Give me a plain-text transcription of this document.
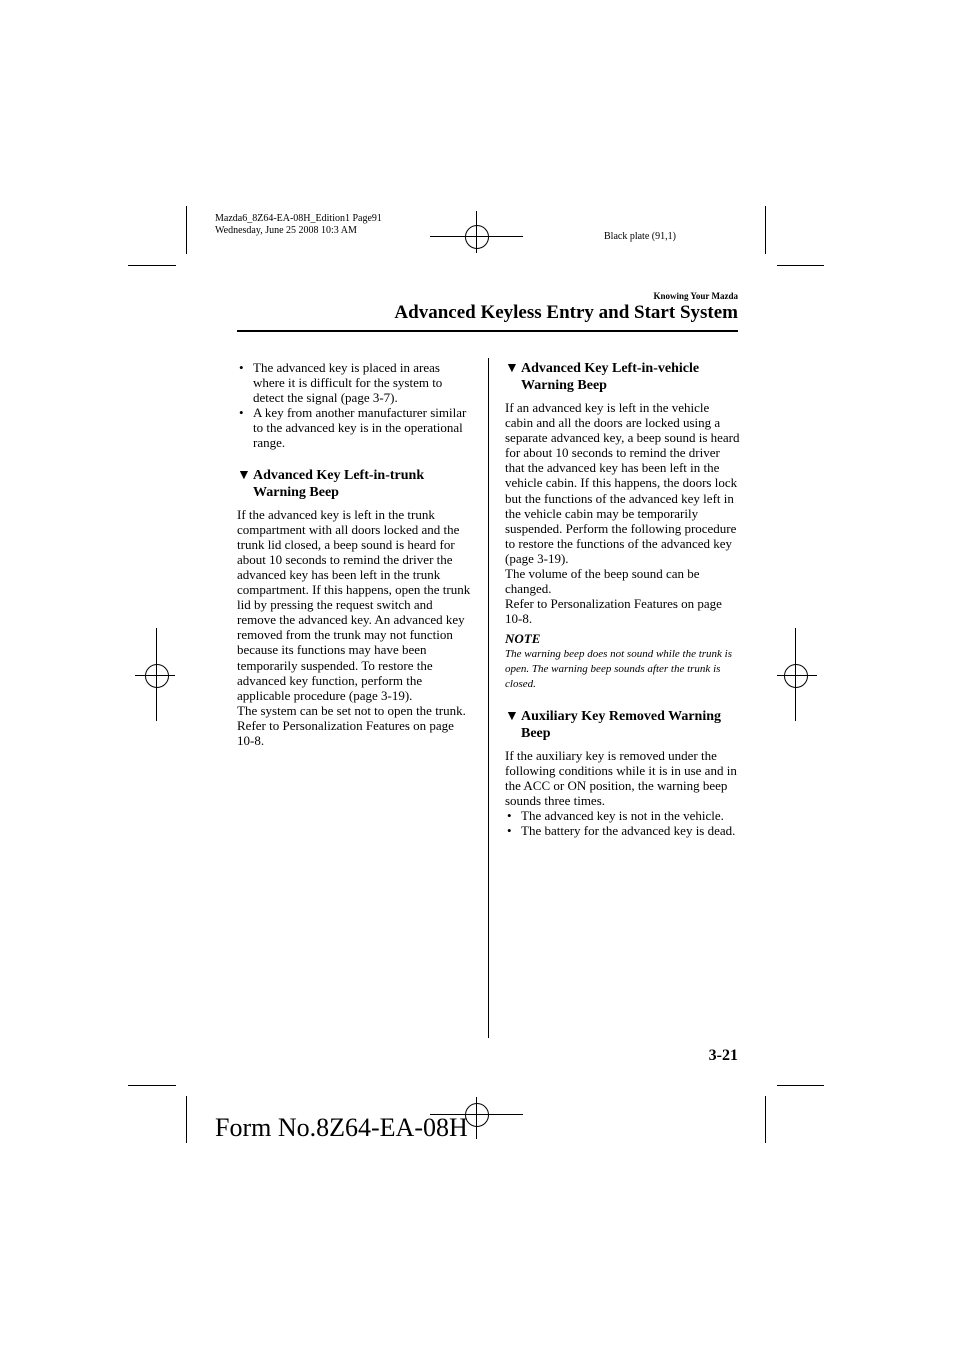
Mazda6_8Z64-EA-08H_Edition1 Page91
Wednesday, June 25 2008 10:3 AM
Black plate (91,1)
Knowing Your Mazda
Advanced Keyless Entry and Start System
• The advanced key is placed in areas where it is difficult for the system to detect the signal (page 3-7).
• A key from another manufacturer similar to the advanced key is in the operational range.
▼ Advanced Key Left-in-trunk Warning Beep

If the advanced key is left in the trunk compartment with all doors locked and the trunk lid closed, a beep sound is heard for about 10 seconds to remind the driver the advanced key has been left in the trunk compartment. If this happens, open the trunk lid by pressing the request switch and remove the advanced key. An advanced key removed from the trunk may not function because its functions may have been temporarily suspended. To restore the advanced key function, perform the applicable procedure (page 3-19).

The system can be set not to open the trunk.

Refer to Personalization Features on page 10-8.

▼ Advanced Key Left-in-vehicle Warning Beep

If an advanced key is left in the vehicle cabin and all the doors are locked using a separate advanced key, a beep sound is heard for about 10 seconds to remind the driver that the advanced key has been left in the vehicle cabin. If this happens, the doors lock but the functions of the advanced key left in the vehicle cabin may be temporarily suspended. Perform the following procedure to restore the functions of the advanced key (page 3-19).

The volume of the beep sound can be changed.

Refer to Personalization Features on page 10-8.

NOTE
The warning beep does not sound while the trunk is open. The warning beep sounds after the trunk is closed.
▼ Auxiliary Key Removed Warning Beep

If the auxiliary key is removed under the following conditions while it is in use and in the ACC or ON position, the warning beep sounds three times.

• The advanced key is not in the vehicle.
• The battery for the advanced key is dead.
3-21
Form No.8Z64-EA-08H
